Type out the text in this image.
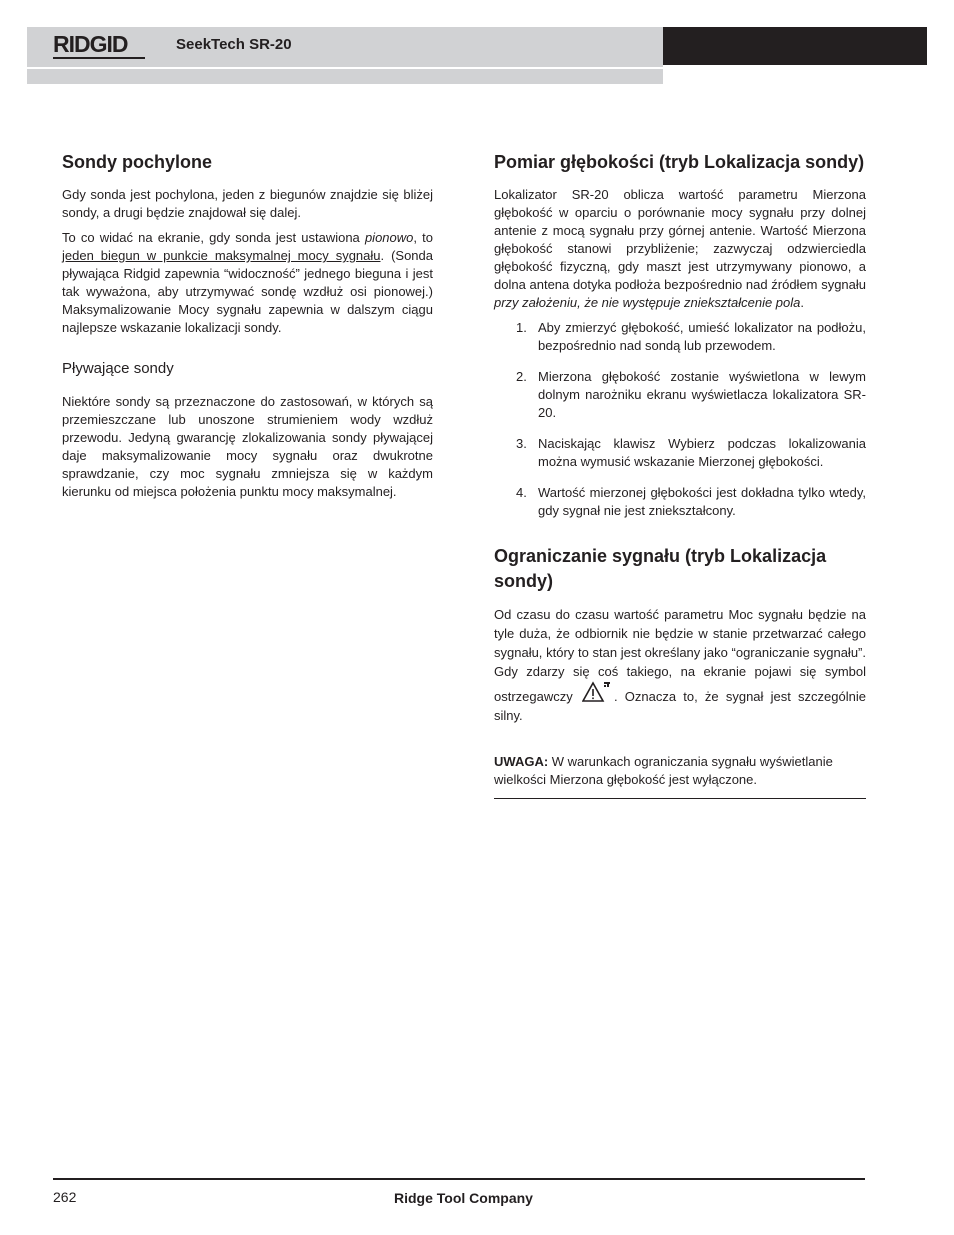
RIDGID	SeekTech SR-20
Sondy pochylone

Gdy sonda jest pochylona, jeden z biegunów znajdzie się bliżej sondy, a drugi będzie znajdował się dalej.

To co widać na ekranie, gdy sonda jest ustawiona pionowo, to jeden biegun w punkcie maksymalnej mocy sygnału. (Sonda pływająca Ridgid zapewnia “widoczność” jednego bieguna i jest tak wyważona, aby utrzymywać sondę wzdłuż osi pionowej.) Maksymalizowanie Mocy sygnału zapewnia w dalszym ciągu najlepsze wskazanie lokalizacji sondy.

Pływające sondy

Niektóre sondy są przeznaczone do zastosowań, w których są przemieszczane lub unoszone strumieniem wody wzdłuż przewodu. Jedyną gwarancję zlokalizowania sondy pływającej daje maksymalizowanie mocy sygnału oraz dwukrotne sprawdzanie, czy moc sygnału zmniejsza się w każdym kierunku od miejsca położenia punktu mocy maksymalnej.

Pomiar głębokości (tryb Lokalizacja sondy)

Lokalizator SR-20 oblicza wartość parametru Mierzona głębokość w oparciu o porównanie mocy sygnału przy dolnej antenie z mocą sygnału przy górnej antenie. Wartość Mierzona głębokość stanowi przybliżenie; zazwyczaj odzwierciedla głębokość fizyczną, gdy maszt jest utrzymywany pionowo, a dolna antena dotyka podłoża bezpośrednio nad źródłem sygnału przy założeniu, że nie występuje zniekształcenie pola.

1. Aby zmierzyć głębokość, umieść lokalizator na podłożu, bezpośrednio nad sondą lub przewodem.
2. Mierzona głębokość zostanie wyświetlona w lewym dolnym narożniku ekranu wyświetlacza lokalizatora SR-20.
3. Naciskając klawisz Wybierz podczas lokalizowania można wymusić wskazanie Mierzonej głębokości.
4. Wartość mierzonej głębokości jest dokładna tylko wtedy, gdy sygnał nie jest zniekształcony.
Ograniczanie sygnału (tryb Lokalizacja sondy)

Od czasu do czasu wartość parametru Moc sygnału będzie na tyle duża, że odbiornik nie będzie w stanie przetwarzać całego sygnału, który to stan jest określany jako “ograniczanie sygnału”. Gdy zdarzy się coś takiego, na ekranie pojawi się symbol ostrzegawczy	. Oznacza to, że sygnał jest szczególnie silny.

UWAGA: W warunkach ograniczania sygnału wyświetlanie wielkości Mierzona głębokość jest wyłączone.
262	Ridge Tool Company
